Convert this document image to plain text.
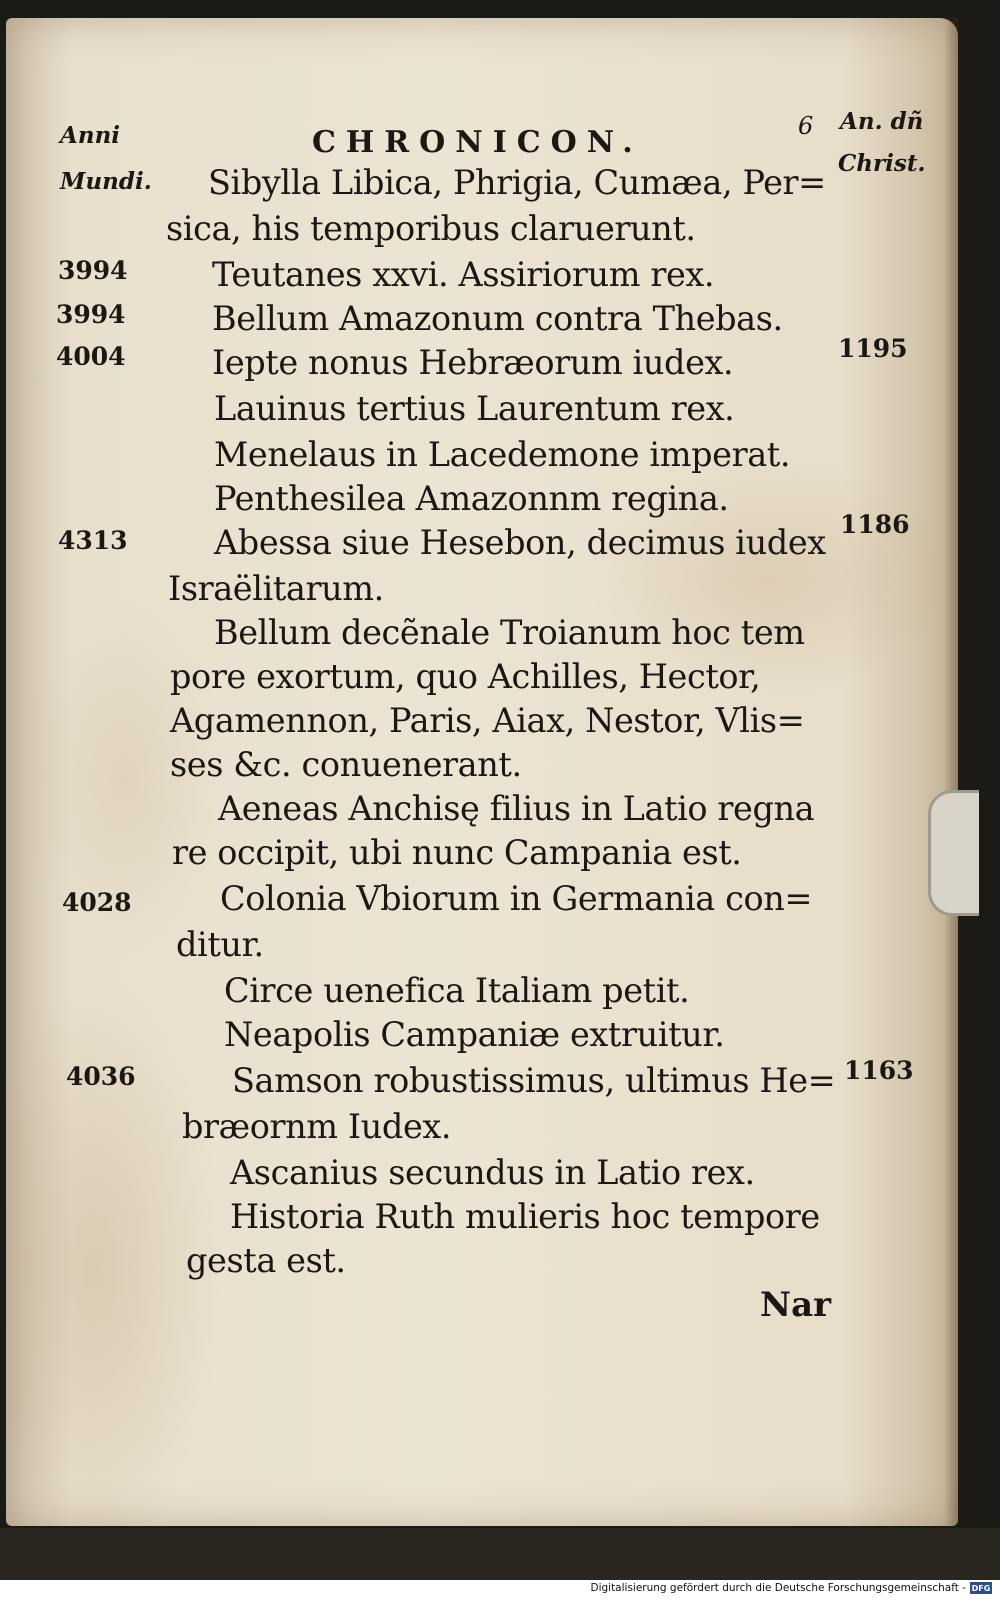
Anni
Mundi.
CHRONICON.	6 An. dñ
Christ.
3994
3994
4004
4313
4028
4036
1195
1186
1163
Sibylla Libica, Phrigia, Cumæa, Per=
sica, his temporibus claruerunt.
Teutanes xxvi. Assiriorum rex.
Bellum Amazonum contra Thebas.
Iepte nonus Hebræorum iudex.
Lauinus tertius Laurentum rex.
Menelaus in Lacedemone imperat.
Penthesilea Amazonnm regina.
Abessa siue Hesebon, decimus iudex
Israëlitarum.
Bellum decẽnale Troianum hoc tem
pore exortum, quo Achilles, Hector,
Agamennon, Paris, Aiax, Nestor, Vlis=
ses &c. conuenerant.
Aeneas Anchisę filius in Latio regna
re occipit, ubi nunc Campania est.
Colonia Vbiorum in Germania con=
ditur.
Circe uenefica Italiam petit.
Neapolis Campaniæ extruitur.
Samson robustissimus, ultimus He=
bræornm Iudex.
Ascanius secundus in Latio rex.
Historia Ruth mulieris hoc tempore
gesta est.
Nar
Digitalisierung gefördert durch die Deutsche Forschungsgemeinschaft - DFG
